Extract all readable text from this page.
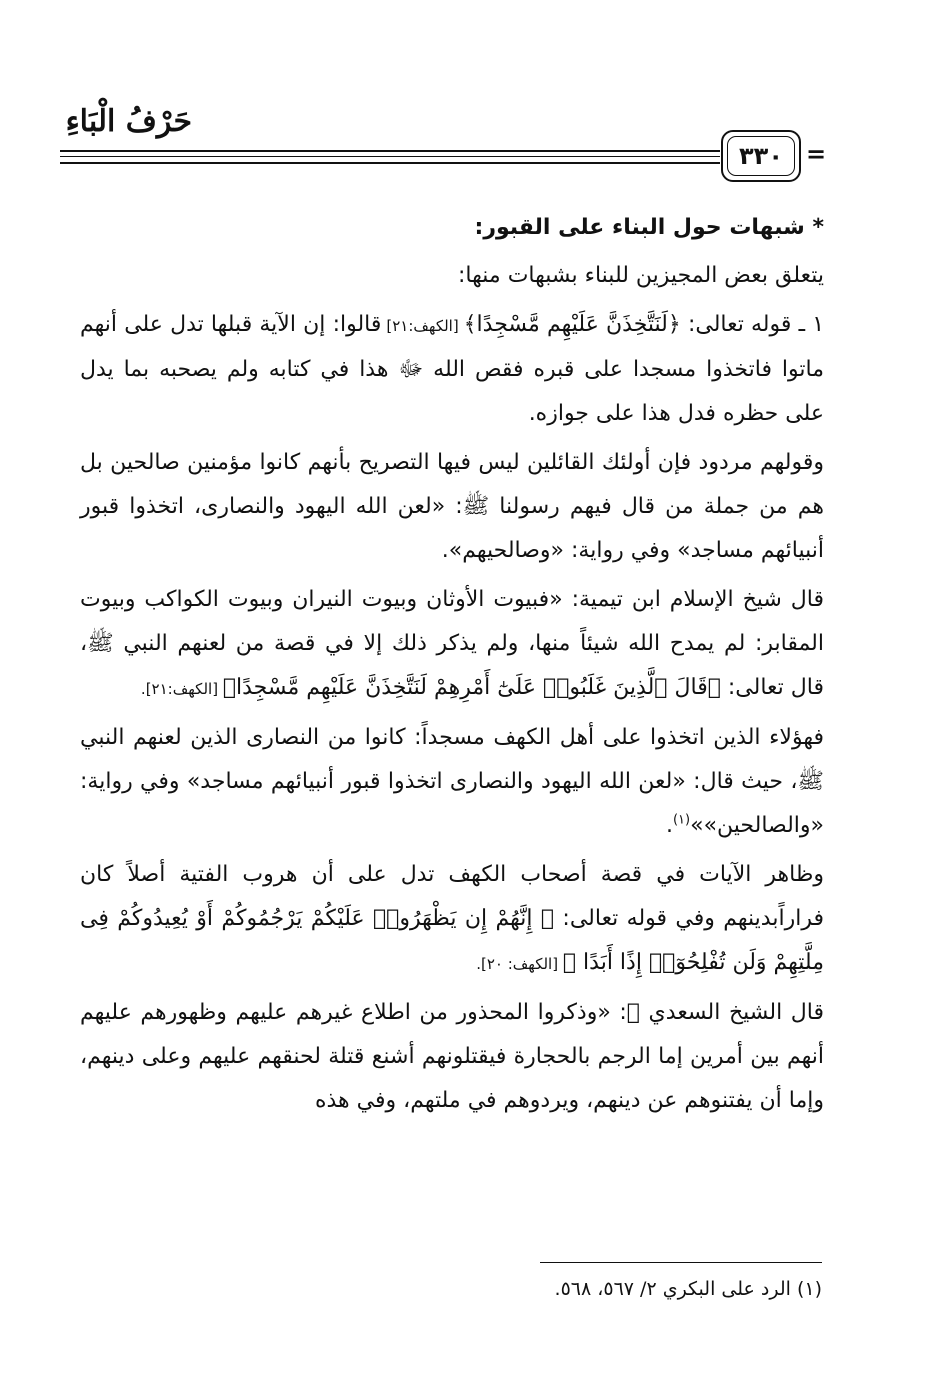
حَرْفُ الْبَاءِ
٣٣٠ =

* شبهات حول البناء على القبور:

يتعلق بعض المجيزين للبناء بشبهات منها:

١ ـ قوله تعالى: ﴿لَنَتَّخِذَنَّ عَلَيْهِم مَّسْجِدًا﴾ [الكهف:٢١] قالوا: إن الآية قبلها تدل على أنهم ماتوا فاتخذوا مسجدا على قبره فقص الله ﷻ هذا في كتابه ولم يصحبه بما يدل على حظره فدل هذا على جوازه.

وقولهم مردود فإن أولئك القائلين ليس فيها التصريح بأنهم كانوا مؤمنين صالحين بل هم من جملة من قال فيهم رسولنا ﷺ: «لعن الله اليهود والنصارى، اتخذوا قبور أنبيائهم مساجد» وفي رواية: «وصالحيهم».

قال شيخ الإسلام ابن تيمية: «فبيوت الأوثان وبيوت النيران وبيوت الكواكب وبيوت المقابر: لم يمدح الله شيئاً منها، ولم يذكر ذلك إلا في قصة من لعنهم النبي ﷺ، قال تعالى: ﴿قَالَ ٱلَّذِينَ غَلَبُوا۟ عَلَىٰٓ أَمْرِهِمْ لَنَتَّخِذَنَّ عَلَيْهِم مَّسْجِدًا﴾ [الكهف:٢١].

فهؤلاء الذين اتخذوا على أهل الكهف مسجداً: كانوا من النصارى الذين لعنهم النبي ﷺ، حيث قال: «لعن الله اليهود والنصارى اتخذوا قبور أنبيائهم مساجد» وفي رواية: «والصالحين»»$^{(١)}$.

وظاهر الآيات في قصة أصحاب الكهف تدل على أن هروب الفتية أصلاً كان فراراًبدينهم وفي قوله تعالى: ﴿ إِنَّهُمْ إِن يَظْهَرُوا۟ عَلَيْكُمْ يَرْجُمُوكُمْ أَوْ يُعِيدُوكُمْ فِى مِلَّتِهِمْ وَلَن تُفْلِحُوٓا۟ إِذًا أَبَدًا ﴾ [الكهف: ٢٠].

قال الشيخ السعدي ﷬: «وذكروا المحذور من اطلاع غيرهم عليهم وظهورهم عليهم أنهم بين أمرين إما الرجم بالحجارة فيقتلونهم أشنع قتلة لحنقهم عليهم وعلى دينهم، وإما أن يفتنوهم عن دينهم، ويردوهم في ملتهم، وفي هذه

(١) الرد على البكري ٢/ ٥٦٧، ٥٦٨.
